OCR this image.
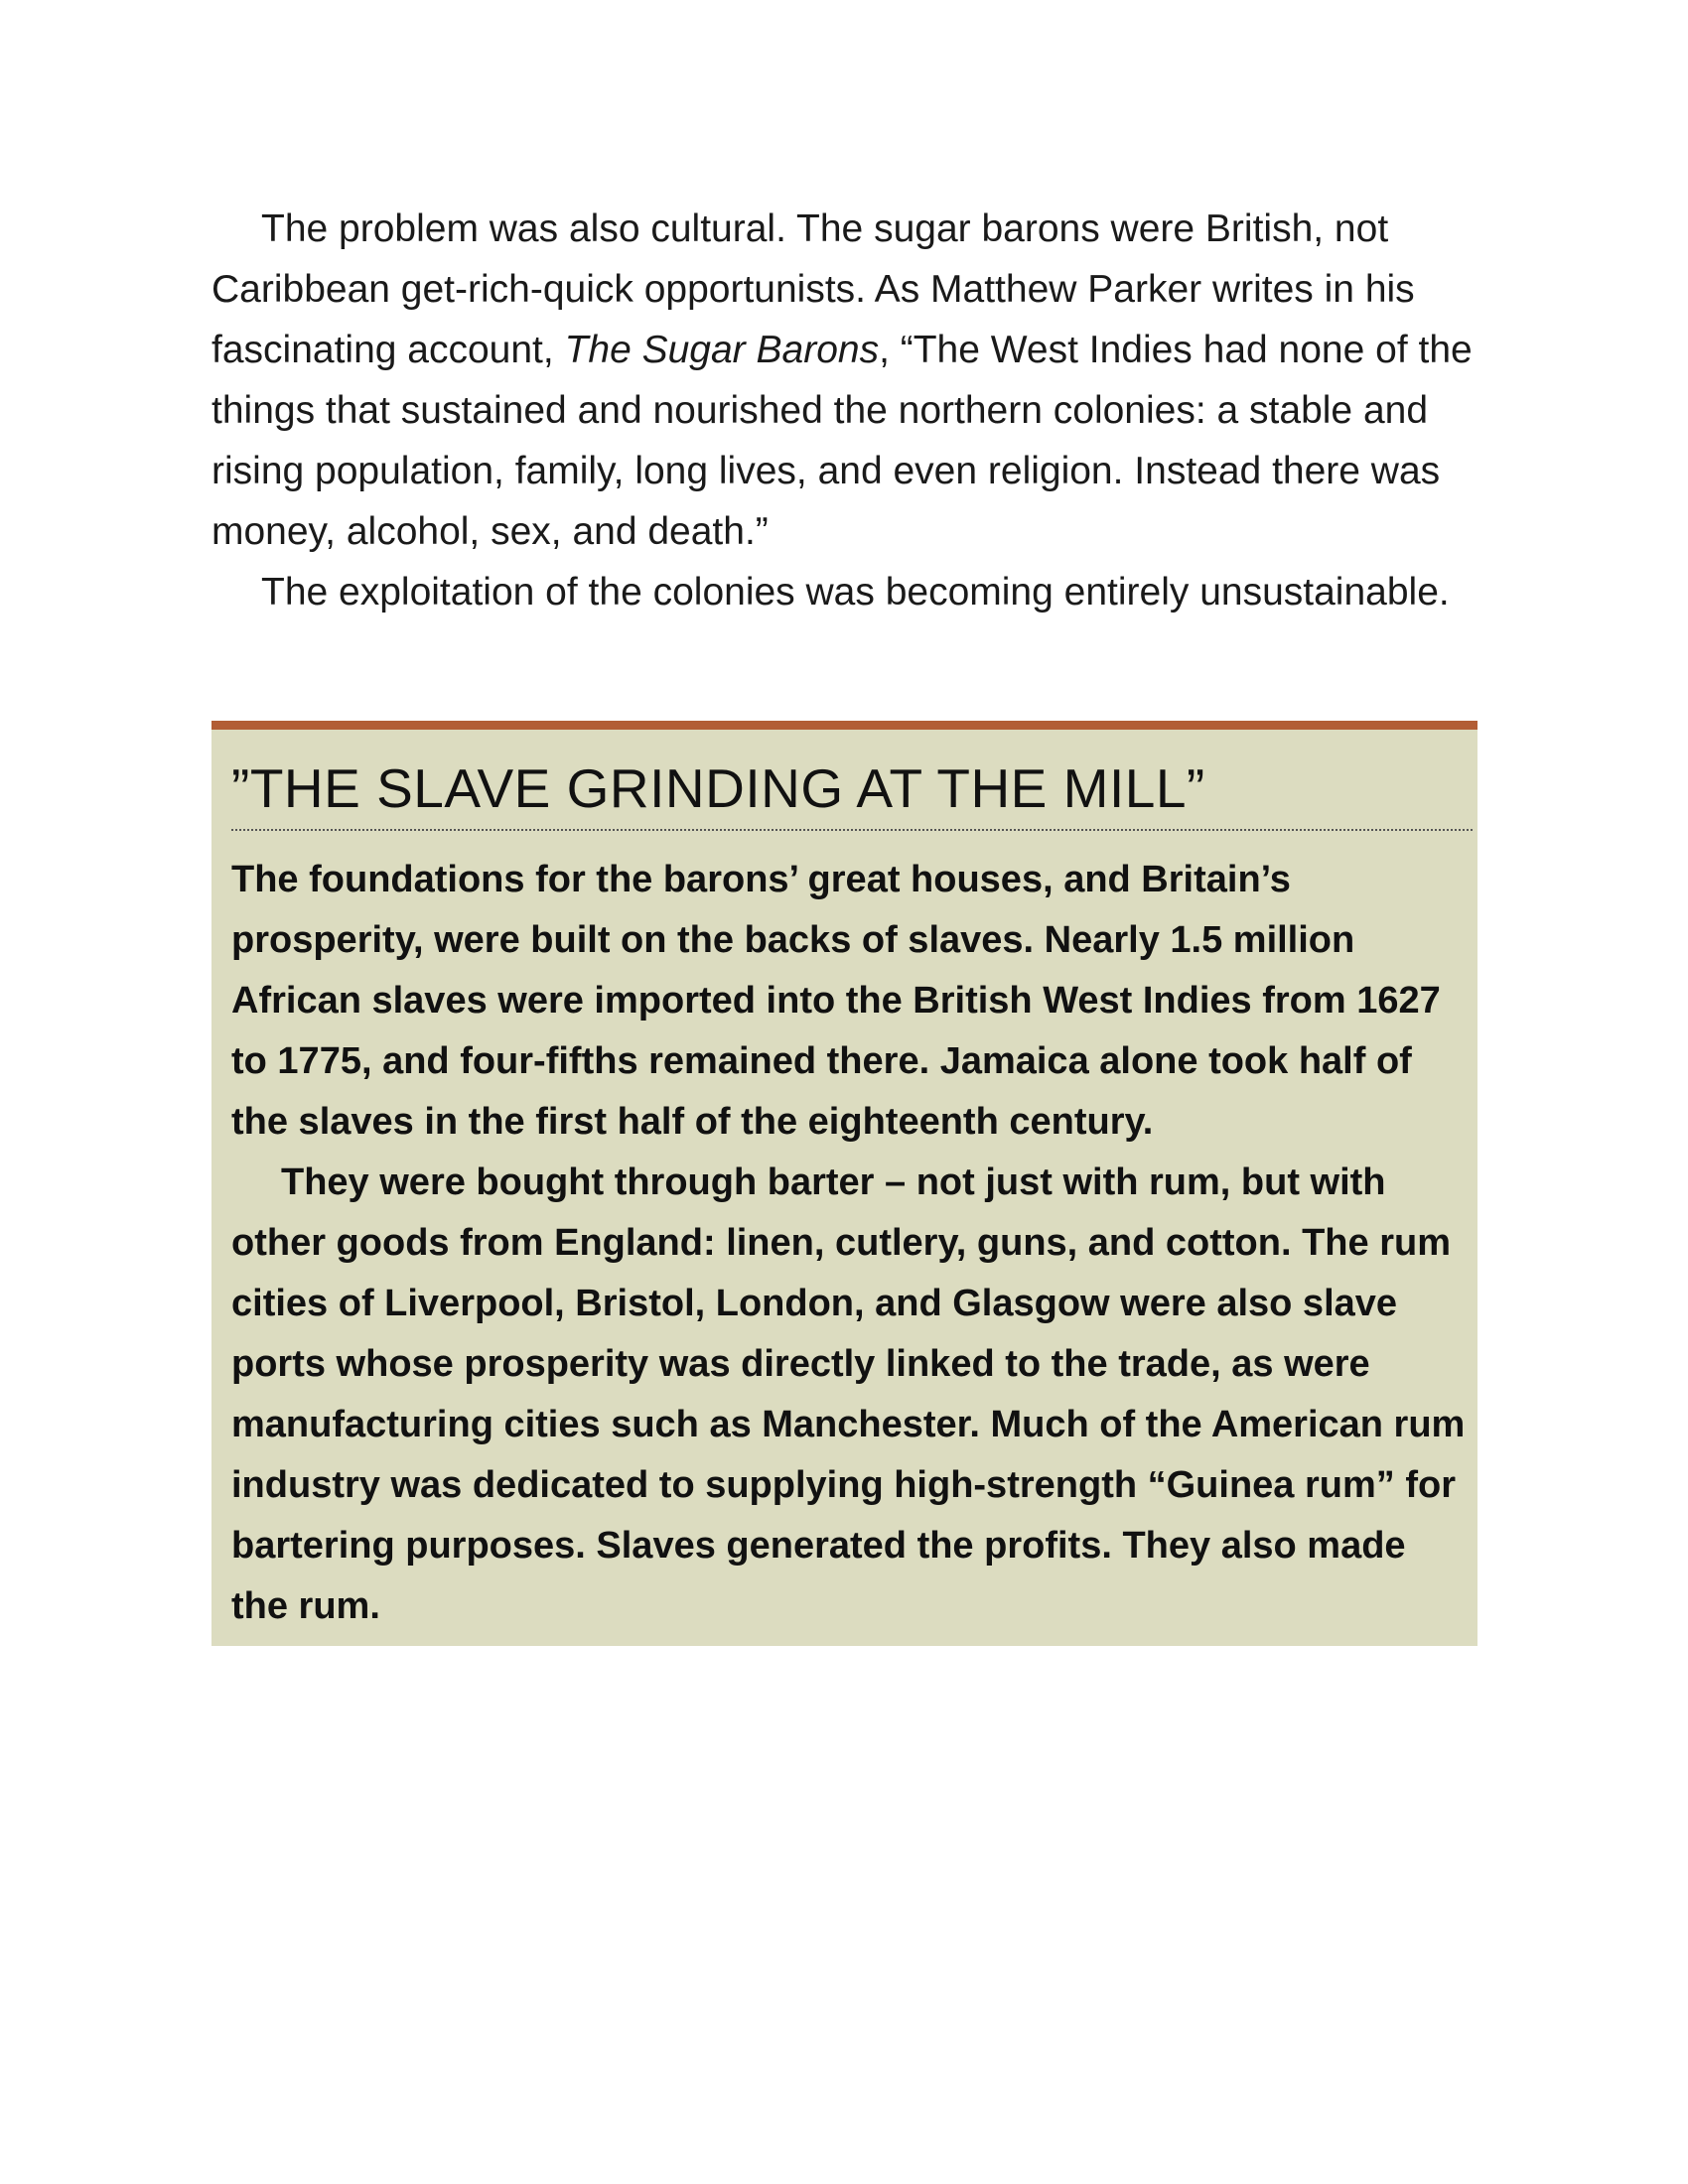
The problem was also cultural. The sugar barons were British, not Caribbean get-rich-quick opportunists. As Matthew Parker writes in his fascinating account, The Sugar Barons, “The West Indies had none of the things that sustained and nourished the northern colonies: a stable and rising population, family, long lives, and even religion. Instead there was money, alcohol, sex, and death.”

The exploitation of the colonies was becoming entirely unsustainable.

”THE SLAVE GRINDING AT THE MILL”

The foundations for the barons’ great houses, and Britain’s prosperity, were built on the backs of slaves. Nearly 1.5 million African slaves were imported into the British West Indies from 1627 to 1775, and four-fifths remained there. Jamaica alone took half of the slaves in the first half of the eighteenth century.

They were bought through barter – not just with rum, but with other goods from England: linen, cutlery, guns, and cotton. The rum cities of Liverpool, Bristol, London, and Glasgow were also slave ports whose prosperity was directly linked to the trade, as were manufacturing cities such as Manchester. Much of the American rum industry was dedicated to supplying high-strength “Guinea rum” for bartering purposes. Slaves generated the profits. They also made the rum.
